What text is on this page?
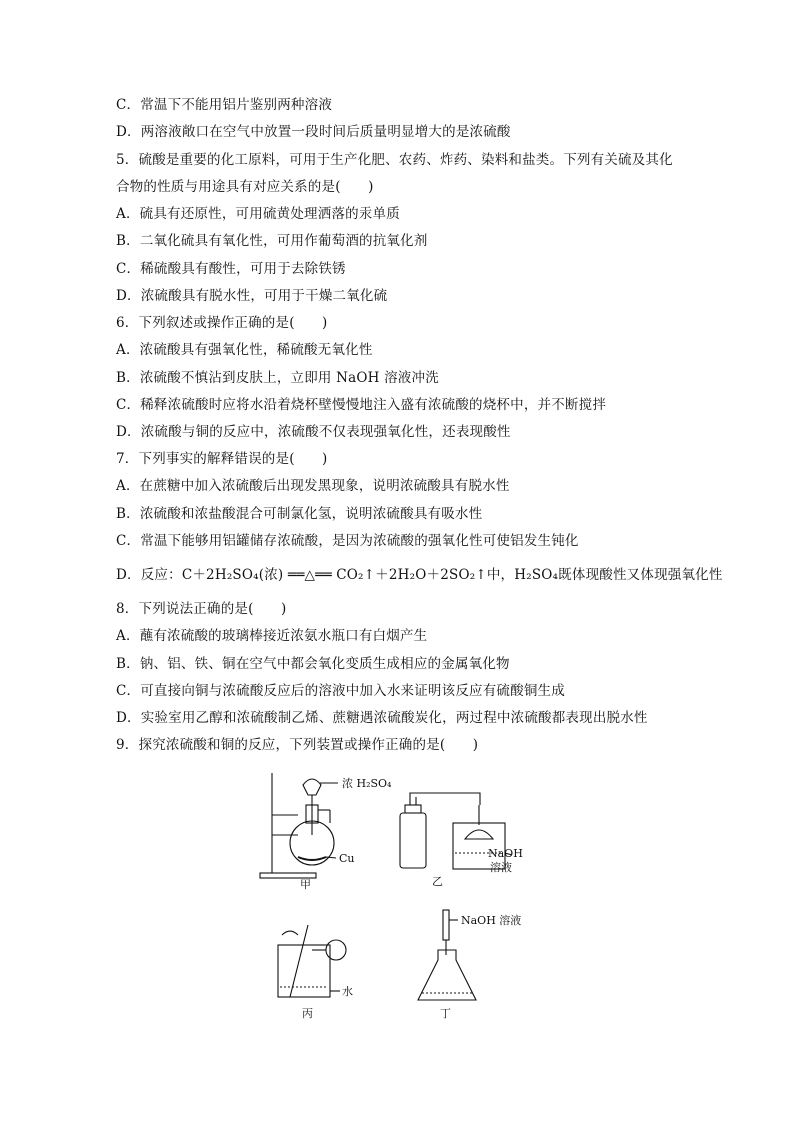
C．常温下不能用铝片鉴别两种溶液
D．两溶液敞口在空气中放置一段时间后质量明显增大的是浓硫酸
5．硫酸是重要的化工原料，可用于生产化肥、农药、炸药、染料和盐类。下列有关硫及其化
合物的性质与用途具有对应关系的是(　　)
A．硫具有还原性，可用硫黄处理洒落的汞单质
B．二氧化硫具有氧化性，可用作葡萄酒的抗氧化剂
C．稀硫酸具有酸性，可用于去除铁锈
D．浓硫酸具有脱水性，可用于干燥二氧化硫
6．下列叙述或操作正确的是(　　)
A．浓硫酸具有强氧化性，稀硫酸无氧化性
B．浓硫酸不慎沾到皮肤上，立即用 NaOH 溶液冲洗
C．稀释浓硫酸时应将水沿着烧杯壁慢慢地注入盛有浓硫酸的烧杯中，并不断搅拌
D．浓硫酸与铜的反应中，浓硫酸不仅表现强氧化性，还表现酸性
7．下列事实的解释错误的是(　　)
A．在蔗糖中加入浓硫酸后出现发黑现象，说明浓硫酸具有脱水性
B．浓硫酸和浓盐酸混合可制氯化氢，说明浓硫酸具有吸水性
C．常温下能够用铝罐储存浓硫酸，是因为浓硫酸的强氧化性可使铝发生钝化
D．反应：C＋2H₂SO₄(浓) ══△══ CO₂↑＋2H₂O＋2SO₂↑中，H₂SO₄既体现酸性又体现强氧化性
8．下列说法正确的是(　　)
A．蘸有浓硫酸的玻璃棒接近浓氨水瓶口有白烟产生
B．钠、铝、铁、铜在空气中都会氧化变质生成相应的金属氧化物
C．可直接向铜与浓硫酸反应后的溶液中加入水来证明该反应有硫酸铜生成
D．实验室用乙醇和浓硫酸制乙烯、蔗糖遇浓硫酸炭化，两过程中浓硫酸都表现出脱水性
9．探究浓硫酸和铜的反应，下列装置或操作正确的是(　　)
浓 H₂SO₄
Cu
甲
NaOH
溶液
乙
水
丙
NaOH 溶液
丁
